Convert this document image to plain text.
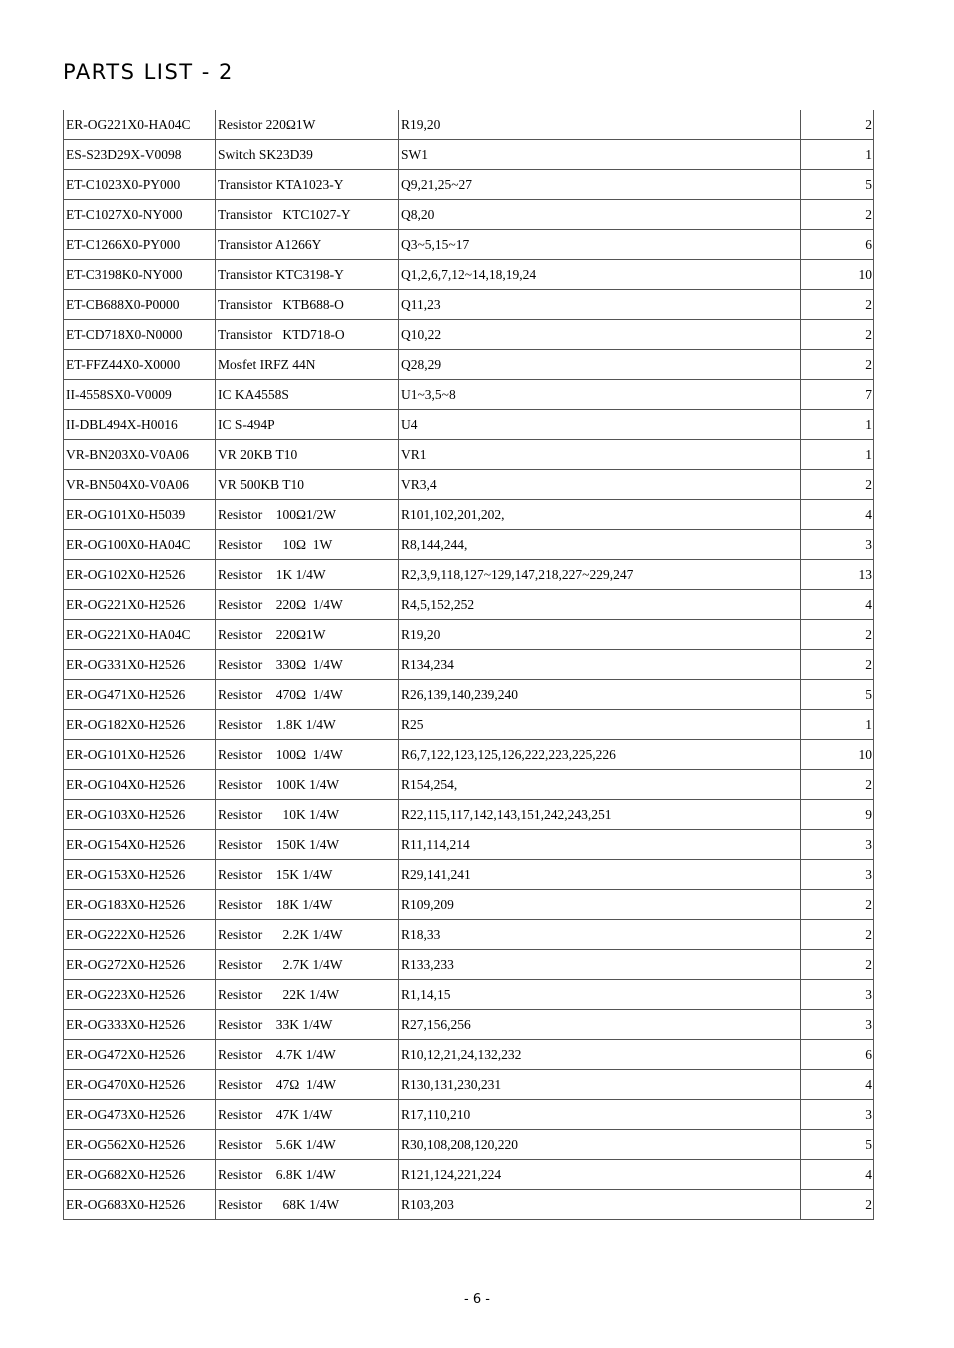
PARTS LIST - 2
ER-OG221X0-HA04C	Resistor 220Ω1W	R19,20	2
ES-S23D29X-V0098	Switch SK23D39	SW1	1
ET-C1023X0-PY000	Transistor KTA1023-Y	Q9,21,25~27	5
ET-C1027X0-NY000	Transistor   KTC1027-Y	Q8,20	2
ET-C1266X0-PY000	Transistor A1266Y	Q3~5,15~17	6
ET-C3198K0-NY000	Transistor KTC3198-Y	Q1,2,6,7,12~14,18,19,24	10
ET-CB688X0-P0000	Transistor   KTB688-O	Q11,23	2
ET-CD718X0-N0000	Transistor   KTD718-O	Q10,22	2
ET-FFZ44X0-X0000	Mosfet IRFZ 44N	Q28,29	2
II-4558SX0-V0009	IC KA4558S	U1~3,5~8	7
II-DBL494X-H0016	IC S-494P	U4	1
VR-BN203X0-V0A06	VR 20KB T10	VR1	1
VR-BN504X0-V0A06	VR 500KB T10	VR3,4	2
ER-OG101X0-H5039	Resistor    100Ω1/2W	R101,102,201,202,	4
ER-OG100X0-HA04C	Resistor      10Ω  1W	R8,144,244,	3
ER-OG102X0-H2526	Resistor    1K 1/4W	R2,3,9,118,127~129,147,218,227~229,247	13
ER-OG221X0-H2526	Resistor    220Ω  1/4W	R4,5,152,252	4
ER-OG221X0-HA04C	Resistor    220Ω1W	R19,20	2
ER-OG331X0-H2526	Resistor    330Ω  1/4W	R134,234	2
ER-OG471X0-H2526	Resistor    470Ω  1/4W	R26,139,140,239,240	5
ER-OG182X0-H2526	Resistor    1.8K 1/4W	R25	1
ER-OG101X0-H2526	Resistor    100Ω  1/4W	R6,7,122,123,125,126,222,223,225,226	10
ER-OG104X0-H2526	Resistor    100K 1/4W	R154,254,	2
ER-OG103X0-H2526	Resistor      10K 1/4W	R22,115,117,142,143,151,242,243,251	9
ER-OG154X0-H2526	Resistor    150K 1/4W	R11,114,214	3
ER-OG153X0-H2526	Resistor    15K 1/4W	R29,141,241	3
ER-OG183X0-H2526	Resistor    18K 1/4W	R109,209	2
ER-OG222X0-H2526	Resistor      2.2K 1/4W	R18,33	2
ER-OG272X0-H2526	Resistor      2.7K 1/4W	R133,233	2
ER-OG223X0-H2526	Resistor      22K 1/4W	R1,14,15	3
ER-OG333X0-H2526	Resistor    33K 1/4W	R27,156,256	3
ER-OG472X0-H2526	Resistor    4.7K 1/4W	R10,12,21,24,132,232	6
ER-OG470X0-H2526	Resistor    47Ω  1/4W	R130,131,230,231	4
ER-OG473X0-H2526	Resistor    47K 1/4W	R17,110,210	3
ER-OG562X0-H2526	Resistor    5.6K 1/4W	R30,108,208,120,220	5
ER-OG682X0-H2526	Resistor    6.8K 1/4W	R121,124,221,224	4
ER-OG683X0-H2526	Resistor      68K 1/4W	R103,203	2
- 6 -
